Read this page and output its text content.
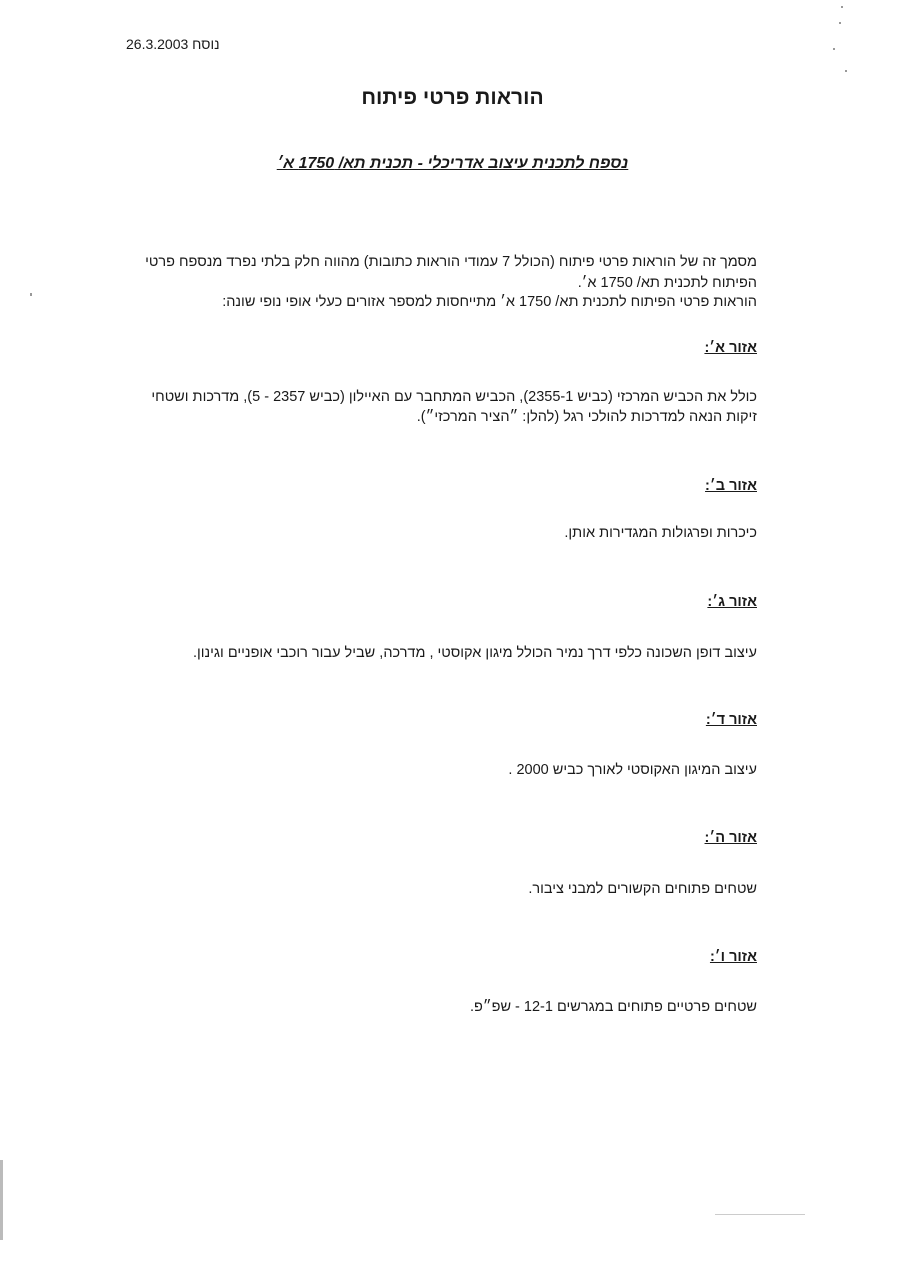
נוסח 26.3.2003
הוראות פרטי פיתוח
נספח לתכנית עיצוב אדריכלי - תכנית תא/ 1750 א׳
מסמך זה של הוראות פרטי פיתוח (הכולל 7 עמודי הוראות כתובות) מהווה חלק בלתי נפרד מנספח פרטי הפיתוח לתכנית תא/ 1750 א׳.
הוראות פרטי הפיתוח לתכנית תא/ 1750 א׳ מתייחסות למספר אזורים כעלי אופי נופי שונה:
אזור א׳:
כולל את הכביש המרכזי (כביש 2355-1), הכביש המתחבר עם האיילון (כביש 2357 - 5), מדרכות ושטחי זיקות הנאה למדרכות להולכי רגל (להלן: ״הציר המרכזי״).
אזור ב׳:
כיכרות ופרגולות המגדירות אותן.
אזור ג׳:
עיצוב דופן השכונה כלפי דרך נמיר הכולל מיגון אקוסטי , מדרכה, שביל עבור רוכבי אופניים וגינון.
אזור ד׳:
עיצוב המיגון האקוסטי לאורך כביש 2000 .
אזור ה׳:
שטחים פתוחים הקשורים למבני ציבור.
אזור ו׳:
שטחים פרטיים פתוחים במגרשים 12-1 - שפ״פ.
